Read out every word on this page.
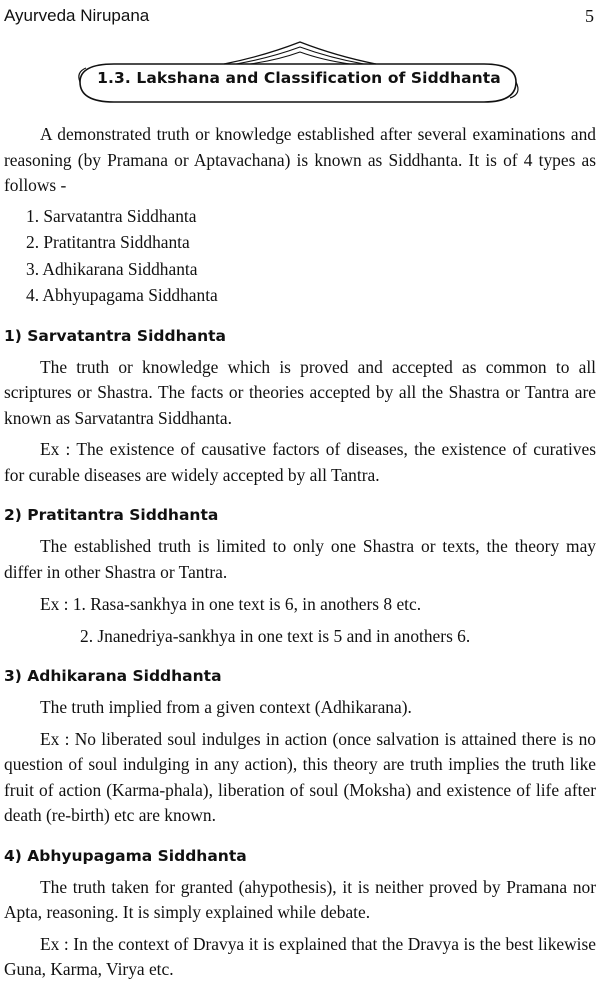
Ayurveda Nirupana	5
1.3. Lakshana and Classification of Siddhanta

A demonstrated truth or knowledge established after several examinations and reasoning (by Pramana or Aptavachana) is known as Siddhanta. It is of 4 types as follows -

1. Sarvatantra Siddhanta
2. Pratitantra Siddhanta
3. Adhikarana Siddhanta
4. Abhyupagama Siddhanta
1) Sarvatantra Siddhanta

The truth or knowledge which is proved and accepted as common to all scriptures or Shastra. The facts or theories accepted by all the Shastra or Tantra are known as Sarvatantra Siddhanta.

Ex : The existence of causative factors of diseases, the existence of curatives for curable diseases are widely accepted by all Tantra.

2) Pratitantra Siddhanta

The established truth is limited to only one Shastra or texts, the theory may differ in other Shastra or Tantra.

Ex : 1. Rasa-sankhya in one text is 6, in anothers 8 etc.

2. Jnanedriya-sankhya in one text is 5 and in anothers 6.

3) Adhikarana Siddhanta

The truth implied from a given context (Adhikarana).

Ex : No liberated soul indulges in action (once salvation is attained there is no question of soul indulging in any action), this theory are truth implies the truth like fruit of action (Karma-phala), liberation of soul (Moksha) and existence of life after death (re-birth) etc are known.

4) Abhyupagama Siddhanta

The truth taken for granted (ahypothesis), it is neither proved by Pramana nor Apta, reasoning. It is simply explained while debate.

Ex : In the context of Dravya it is explained that the Dravya is the best likewise Guna, Karma, Virya etc.
